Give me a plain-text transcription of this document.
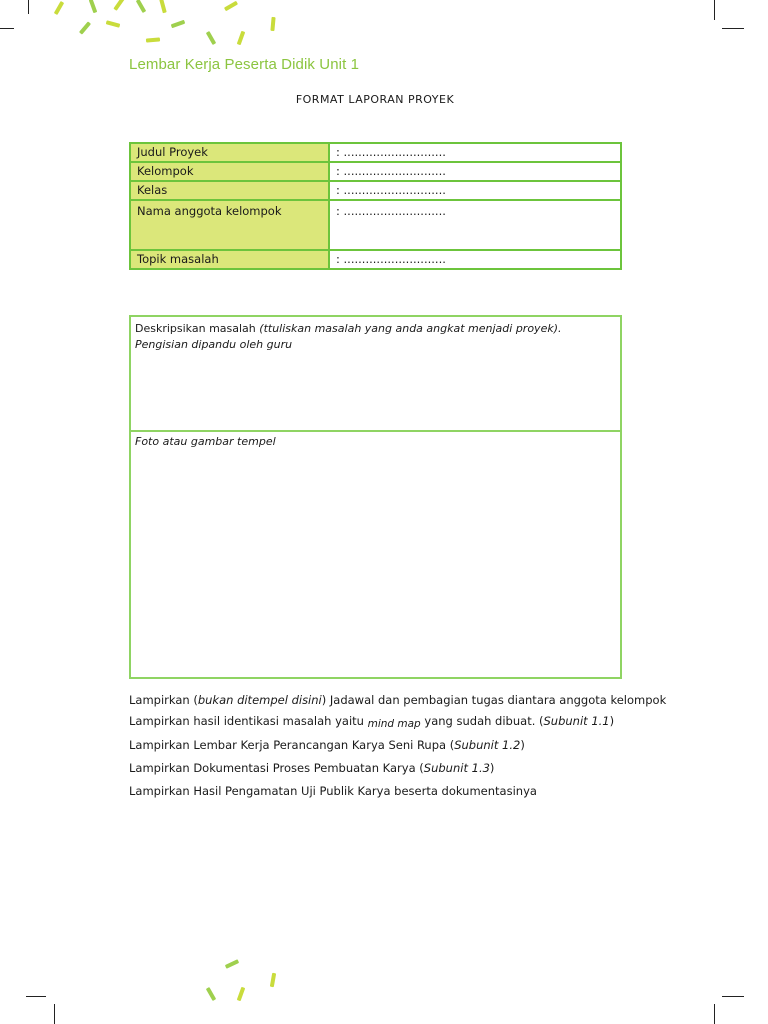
Lembar Kerja Peserta Didik Unit 1
FORMAT LAPORAN PROYEK
Judul Proyek	: ............................
Kelompok	: ............................
Kelas	: ............................
Nama anggota kelompok	: ............................
Topik masalah	: ............................
Deskripsikan masalah (ttuliskan masalah yang anda angkat menjadi proyek). Pengisian dipandu oleh guru
Foto atau gambar tempel
Lampirkan (bukan ditempel disini) Jadawal dan pembagian tugas diantara anggota kelompok
Lampirkan hasil identikasi masalah yaitu mind map yang sudah dibuat. (Subunit 1.1)
Lampirkan Lembar Kerja Perancangan Karya Seni Rupa (Subunit 1.2)
Lampirkan Dokumentasi Proses Pembuatan Karya (Subunit 1.3)
Lampirkan Hasil Pengamatan Uji Publik Karya beserta dokumentasinya
